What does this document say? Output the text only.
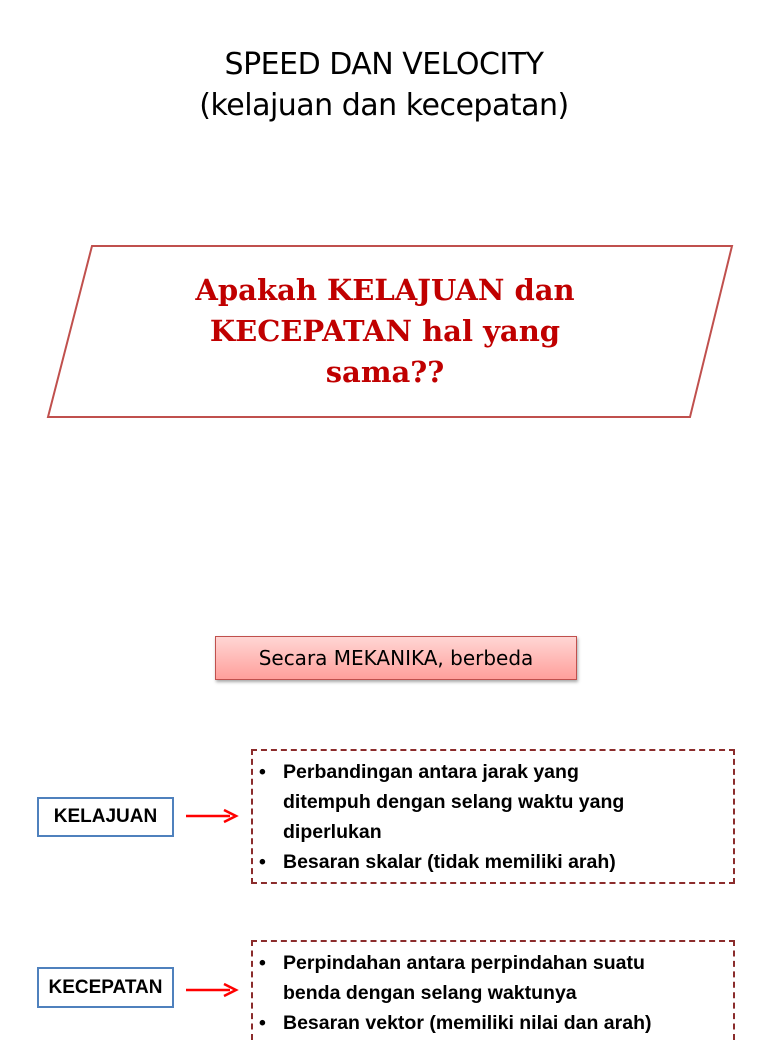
SPEED DAN VELOCITY
(kelajuan dan kecepatan)
Apakah KELAJUAN dan
KECEPATAN hal yang
sama??
Secara MEKANIKA, berbeda
KELAJUAN
• Perbandingan antara jarak yang
ditempuh dengan selang waktu yang
diperlukan
• Besaran skalar (tidak memiliki arah)
KECEPATAN
• Perpindahan antara perpindahan suatu
benda dengan selang waktunya
• Besaran vektor (memiliki nilai dan arah)
